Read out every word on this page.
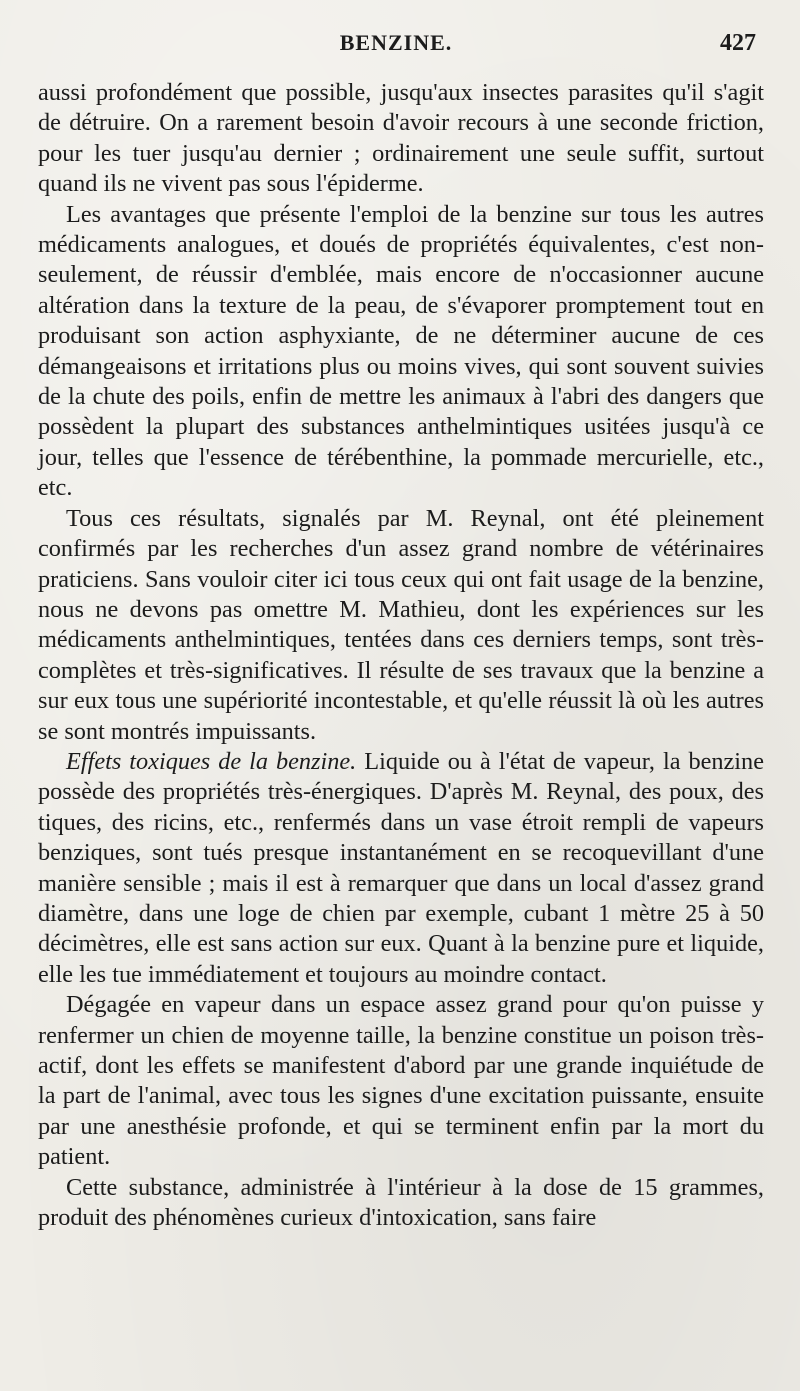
BENZINE.	427

aussi profondément que possible, jusqu'aux insectes parasites qu'il s'agit de détruire. On a rarement besoin d'avoir recours à une seconde friction, pour les tuer jusqu'au dernier ; ordinairement une seule suffit, surtout quand ils ne vivent pas sous l'épiderme.

Les avantages que présente l'emploi de la benzine sur tous les autres médicaments analogues, et doués de propriétés équivalentes, c'est non-seulement, de réussir d'emblée, mais encore de n'occasionner aucune altération dans la texture de la peau, de s'évaporer promptement tout en produisant son action asphyxiante, de ne déterminer aucune de ces démangeaisons et irritations plus ou moins vives, qui sont souvent suivies de la chute des poils, enfin de mettre les animaux à l'abri des dangers que possèdent la plupart des substances anthelmintiques usitées jusqu'à ce jour, telles que l'essence de térébenthine, la pommade mercurielle, etc., etc.

Tous ces résultats, signalés par M. Reynal, ont été pleinement confirmés par les recherches d'un assez grand nombre de vétérinaires praticiens. Sans vouloir citer ici tous ceux qui ont fait usage de la benzine, nous ne devons pas omettre M. Mathieu, dont les expériences sur les médicaments anthelmintiques, tentées dans ces derniers temps, sont très-complètes et très-significatives. Il résulte de ses travaux que la benzine a sur eux tous une supériorité incontestable, et qu'elle réussit là où les autres se sont montrés impuissants.

Effets toxiques de la benzine. Liquide ou à l'état de vapeur, la benzine possède des propriétés très-énergiques. D'après M. Reynal, des poux, des tiques, des ricins, etc., renfermés dans un vase étroit rempli de vapeurs benziques, sont tués presque instantanément en se recoquevillant d'une manière sensible ; mais il est à remarquer que dans un local d'assez grand diamètre, dans une loge de chien par exemple, cubant 1 mètre 25 à 50 décimètres, elle est sans action sur eux. Quant à la benzine pure et liquide, elle les tue immédiatement et toujours au moindre contact.

Dégagée en vapeur dans un espace assez grand pour qu'on puisse y renfermer un chien de moyenne taille, la benzine constitue un poison très-actif, dont les effets se manifestent d'abord par une grande inquiétude de la part de l'animal, avec tous les signes d'une excitation puissante, ensuite par une anesthésie profonde, et qui se terminent enfin par la mort du patient.

Cette substance, administrée à l'intérieur à la dose de 15 grammes, produit des phénomènes curieux d'intoxication, sans faire
